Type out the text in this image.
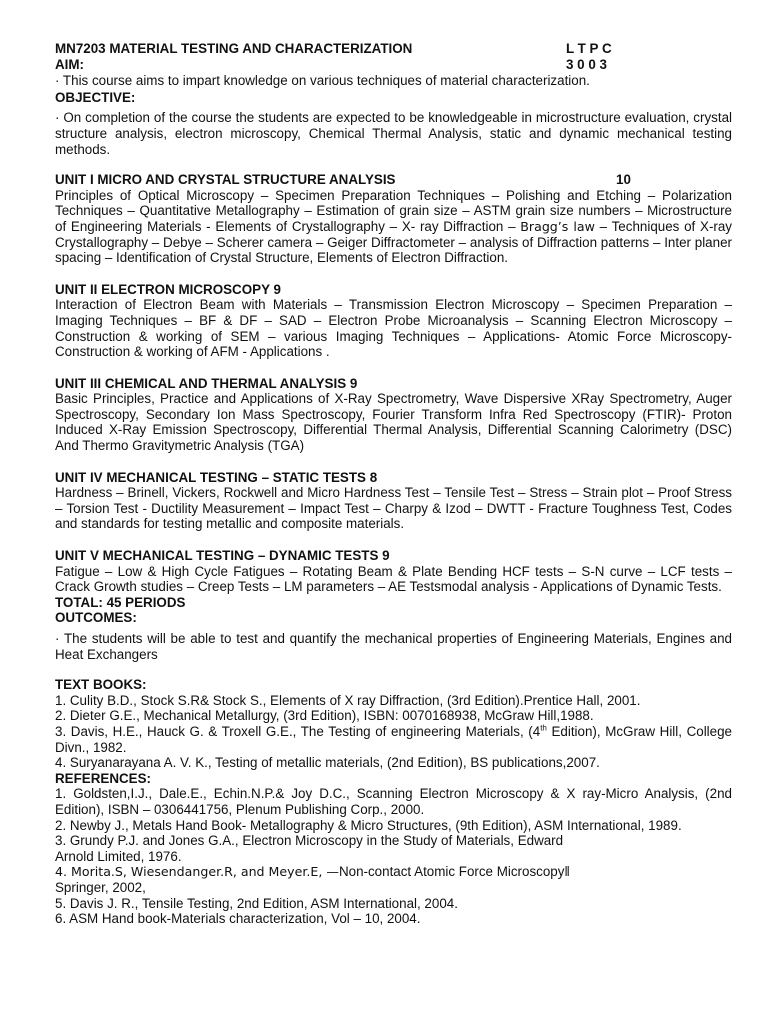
MN7203 MATERIAL TESTING AND CHARACTERIZATION	L T P C
3 0 0 3

AIM:

· This course aims to impart knowledge on various techniques of material characterization.

OBJECTIVE:

· On completion of the course the students are expected to be knowledgeable in microstructure evaluation, crystal structure analysis, electron microscopy, Chemical Thermal Analysis, static and dynamic mechanical testing methods.

UNIT I MICRO AND CRYSTAL STRUCTURE ANALYSIS	10

Principles of Optical Microscopy – Specimen Preparation Techniques – Polishing and Etching – Polarization Techniques – Quantitative Metallography – Estimation of grain size – ASTM grain size numbers – Microstructure of Engineering Materials - Elements of Crystallography – X- ray Diffraction – Bragg’s law – Techniques of X-ray Crystallography – Debye – Scherer camera – Geiger Diffractometer – analysis of Diffraction patterns – Inter planer spacing – Identification of Crystal Structure, Elements of Electron Diffraction.

UNIT II ELECTRON MICROSCOPY 9

Interaction of Electron Beam with Materials – Transmission Electron Microscopy – Specimen Preparation – Imaging Techniques – BF & DF – SAD – Electron Probe Microanalysis – Scanning Electron Microscopy – Construction & working of SEM – various Imaging Techniques – Applications- Atomic Force Microscopy- Construction & working of AFM - Applications .

UNIT III CHEMICAL AND THERMAL ANALYSIS 9

Basic Principles, Practice and Applications of X-Ray Spectrometry, Wave Dispersive XRay Spectrometry, Auger Spectroscopy, Secondary Ion Mass Spectroscopy, Fourier Transform Infra Red Spectroscopy (FTIR)- Proton Induced X-Ray Emission Spectroscopy, Differential Thermal Analysis, Differential Scanning Calorimetry (DSC) And Thermo Gravitymetric Analysis (TGA)

UNIT IV MECHANICAL TESTING – STATIC TESTS 8

Hardness – Brinell, Vickers, Rockwell and Micro Hardness Test – Tensile Test – Stress – Strain plot – Proof Stress – Torsion Test - Ductility Measurement – Impact Test – Charpy & Izod – DWTT - Fracture Toughness Test, Codes and standards for testing metallic and composite materials.

UNIT V MECHANICAL TESTING – DYNAMIC TESTS 9

Fatigue – Low & High Cycle Fatigues – Rotating Beam & Plate Bending HCF tests – S-N curve – LCF tests – Crack Growth studies – Creep Tests – LM parameters – AE Testsmodal analysis - Applications of Dynamic Tests.

TOTAL: 45 PERIODS

OUTCOMES:

· The students will be able to test and quantify the mechanical properties of Engineering Materials, Engines and Heat Exchangers

TEXT BOOKS:

1. Culity B.D., Stock S.R& Stock S., Elements of X ray Diffraction, (3rd Edition).Prentice Hall, 2001.

2. Dieter G.E., Mechanical Metallurgy, (3rd Edition), ISBN: 0070168938, McGraw Hill,1988.

3. Davis, H.E., Hauck G. & Troxell G.E., The Testing of engineering Materials, (4th Edition), McGraw Hill, College Divn., 1982.

4. Suryanarayana A. V. K., Testing of metallic materials, (2nd Edition), BS publications,2007.

REFERENCES:

1. Goldsten,I.J., Dale.E., Echin.N.P.& Joy D.C., Scanning Electron Microscopy & X ray-Micro Analysis, (2nd Edition), ISBN – 0306441756, Plenum Publishing Corp., 2000.

2. Newby J., Metals Hand Book- Metallography & Micro Structures, (9th Edition), ASM International, 1989.

3. Grundy P.J. and Jones G.A., Electron Microscopy in the Study of Materials, Edward

Arnold Limited, 1976.

4. Morita.S, Wiesendanger.R, and Meyer.E, —Non-contact Atomic Force Microscopy‖

Springer, 2002,

5. Davis J. R., Tensile Testing, 2nd Edition, ASM International, 2004.

6. ASM Hand book-Materials characterization, Vol – 10, 2004.
